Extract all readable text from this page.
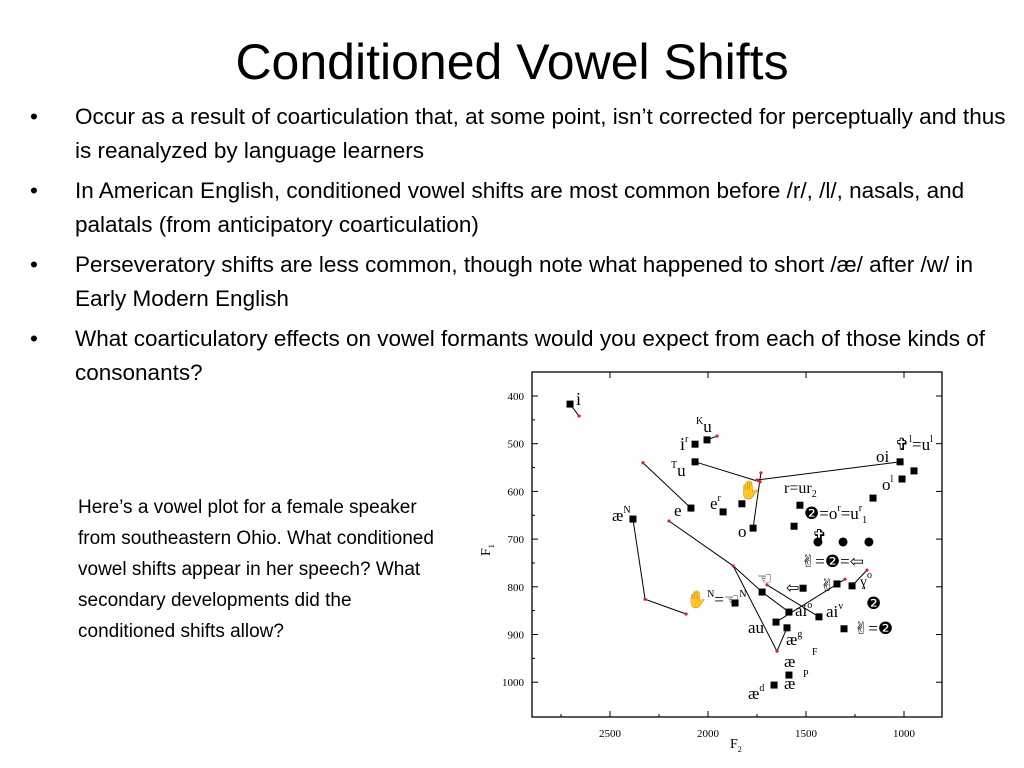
Conditioned Vowel Shifts
• Occur as a result of coarticulation that, at some point, isn’t corrected for perceptually and thus is reanalyzed by language learners
• In American English, conditioned vowel shifts are most common before /r/, /l/, nasals, and palatals (from anticipatory coarticulation)
• Perseveratory shifts are less common, though note what happened to short /æ/ after /w/ in Early Modern English
• What coarticulatory effects on vowel formants would you expect from each of those kinds of consonants?
Here’s a vowel plot for a female speaker from southeastern Ohio. What conditioned vowel shifts appear in her speech? What secondary developments did the conditioned shifts allow?
2500	2000	1500	1000
400
500
600
700
800
900
1000
$F_2$
$F_1$
i
$^K$u
$i^r$
$^T$u
oi
$✞^l=u^l$
$o^l$
✋
e $e^r$
$æ^N$
o
$r=ur_2$
$❷=o^r=u^r_1$
✞
✌=❷=⇦
✋$^N$=☜$^N$
☜ ⇦ ✌
$ai^o$ $ai^v$
ɣ$^o$
❷
✌=❷
au
$æ^g$
F
æ
P
æ
$æ^d$
